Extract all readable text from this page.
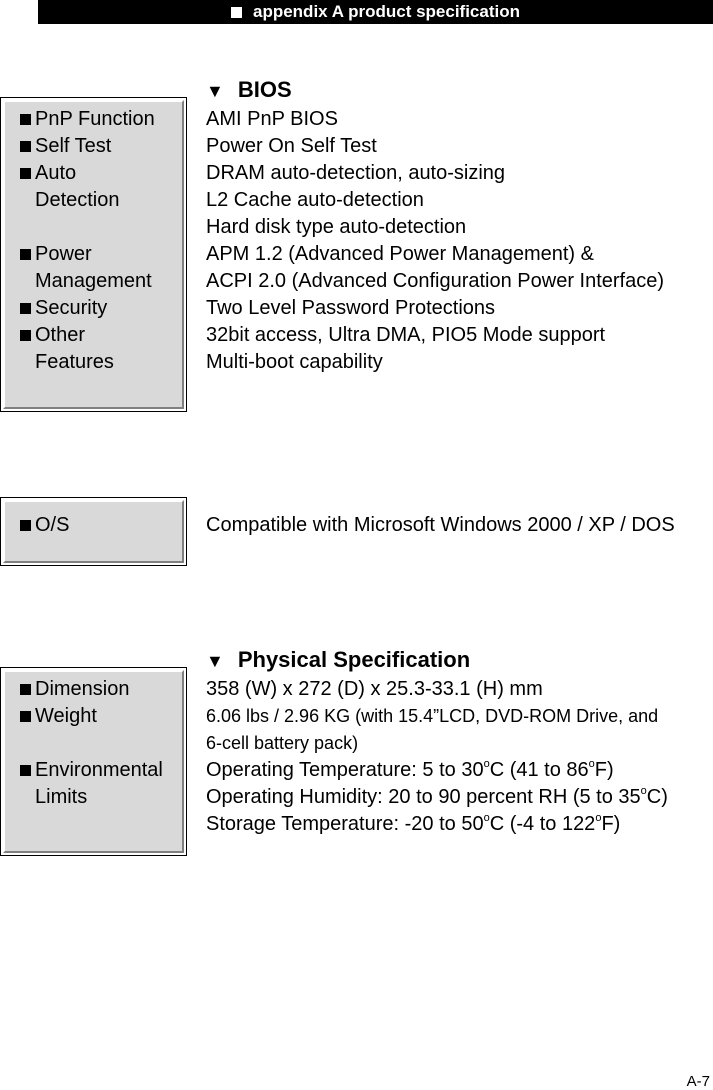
appendix A product specification
▼ BIOS
PnP Function
Self Test
Auto
Detection
Power
Management
Security
Other
Features
AMI PnP BIOS
Power On Self Test
DRAM auto-detection, auto-sizing
L2 Cache auto-detection
Hard disk type auto-detection
APM 1.2 (Advanced Power Management) &
ACPI 2.0 (Advanced Configuration Power Interface)
Two Level Password Protections
32bit access, Ultra DMA, PIO5 Mode support
Multi-boot capability
O/S	Compatible with Microsoft Windows 2000 / XP / DOS
▼ Physical Specification
Dimension
Weight
Environmental
Limits
358 (W) x 272 (D) x 25.3-33.1 (H) mm
6.06 lbs / 2.96 KG (with 15.4”LCD, DVD-ROM Drive, and
6-cell battery pack)
Operating Temperature: 5 to 30$^o$C (41 to 86$^o$F)
Operating Humidity: 20 to 90 percent RH (5 to 35$^o$C)
Storage Temperature: -20 to 50$^o$C (-4 to 122$^o$F)
A-7
